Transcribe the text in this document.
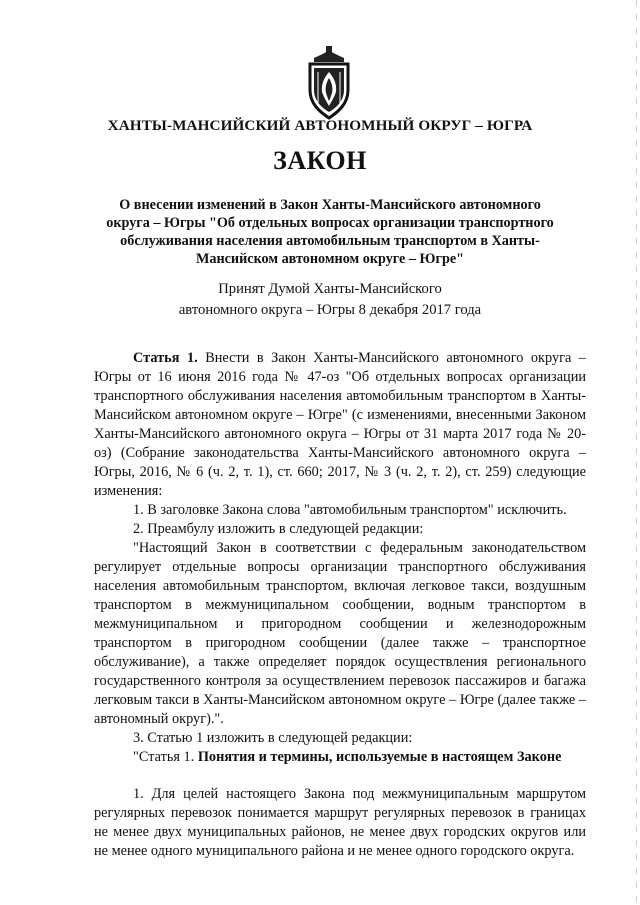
ХАНТЫ-МАНСИЙСКИЙ АВТОНОМНЫЙ ОКРУГ – ЮГРА
ЗАКОН
О внесении изменений в Закон Ханты-Мансийского автономного округа – Югры "Об отдельных вопросах организации транспортного обслуживания населения автомобильным транспортом в Ханты-Мансийском автономном округе – Югре"
Принят Думой Ханты-Мансийского
автономного округа – Югры 8 декабря 2017 года

Статья 1. Внести в Закон Ханты-Мансийского автономного округа – Югры от 16 июня 2016 года № 47-оз "Об отдельных вопросах организации транспортного обслуживания населения автомобильным транспортом в Ханты-Мансийском автономном округе – Югре" (с изменениями, внесенными Законом Ханты-Мансийского автономного округа – Югры от 31 марта 2017 года № 20-оз) (Собрание законодательства Ханты-Мансийского автономного округа – Югры, 2016, № 6 (ч. 2, т. 1), ст. 660; 2017, № 3 (ч. 2, т. 2), ст. 259) следующие изменения:

1. В заголовке Закона слова "автомобильным транспортом" исключить.

2. Преамбулу изложить в следующей редакции:

"Настоящий Закон в соответствии с федеральным законодательством регулирует отдельные вопросы организации транспортного обслуживания населения автомобильным транспортом, включая легковое такси, воздушным транспортом в межмуниципальном сообщении, водным транспортом в межмуниципальном и пригородном сообщении и железнодорожным транспортом в пригородном сообщении (далее также – транспортное обслуживание), а также определяет порядок осуществления регионального государственного контроля за осуществлением перевозок пассажиров и багажа легковым такси в Ханты-Мансийском автономном округе – Югре (далее также – автономный округ).".

3. Статью 1 изложить в следующей редакции:

"Статья 1. Понятия и термины, используемые в настоящем Законе

1. Для целей настоящего Закона под межмуниципальным маршрутом регулярных перевозок понимается маршрут регулярных перевозок в границах не менее двух муниципальных районов, не менее двух городских округов или не менее одного муниципального района и не менее одного городского округа.
